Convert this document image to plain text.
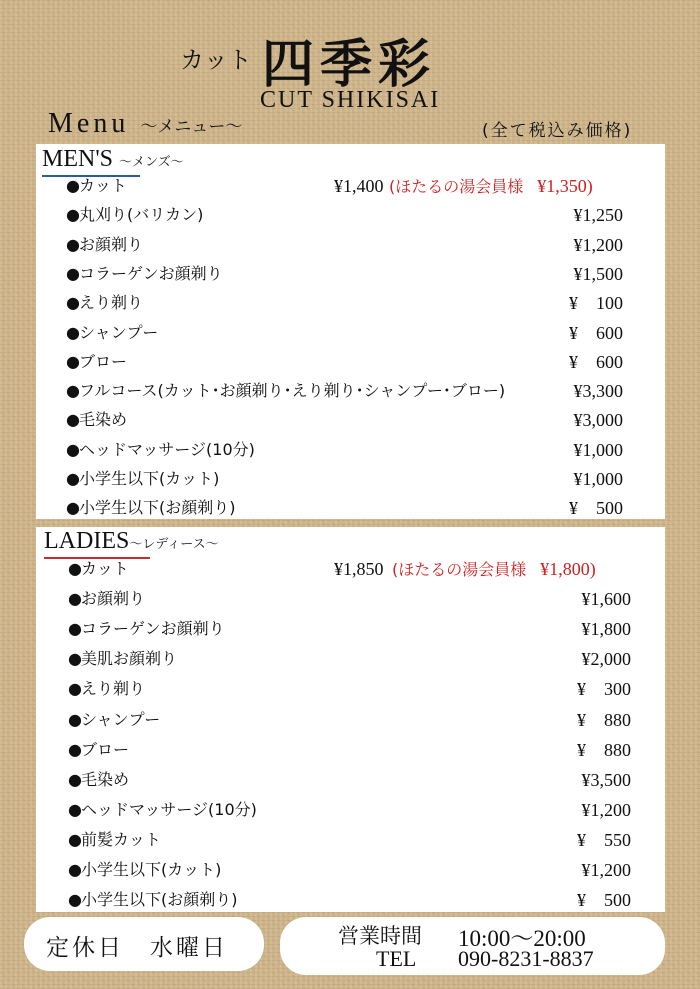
カット 四季彩
CUT SHIKISAI
Menu ～メニュー～	(全て税込み価格)
MEN'S ～メンズ～
●カット	¥1,400 (ほたるの湯会員様 ¥1,350)
●丸刈り(バリカン)	¥1,250
●お顔剃り	¥1,200
●コラーゲンお顔剃り	¥1,500
●えり剃り	¥　100
●シャンプー	¥　600
●ブロー	¥　600
●フルコース(カット･お顔剃り･えり剃り･シャンプー･ブロー)	¥3,300
●毛染め	¥3,000
●ヘッドマッサージ(10分)	¥1,000
●小学生以下(カット)	¥1,000
●小学生以下(お顔剃り)	¥　500
LADIES～レディース～
●カット	¥1,850 (ほたるの湯会員様 ¥1,800)
●お顔剃り	¥1,600
●コラーゲンお顔剃り	¥1,800
●美肌お顔剃り	¥2,000
●えり剃り	¥　300
●シャンプー	¥　880
●ブロー	¥　880
●毛染め	¥3,500
●ヘッドマッサージ(10分)	¥1,200
●前髪カット	¥　550
●小学生以下(カット)	¥1,200
●小学生以下(お顔剃り)	¥　500
定休日　水曜日	営業時間 10:00～20:00
TEL 090-8231-8837
